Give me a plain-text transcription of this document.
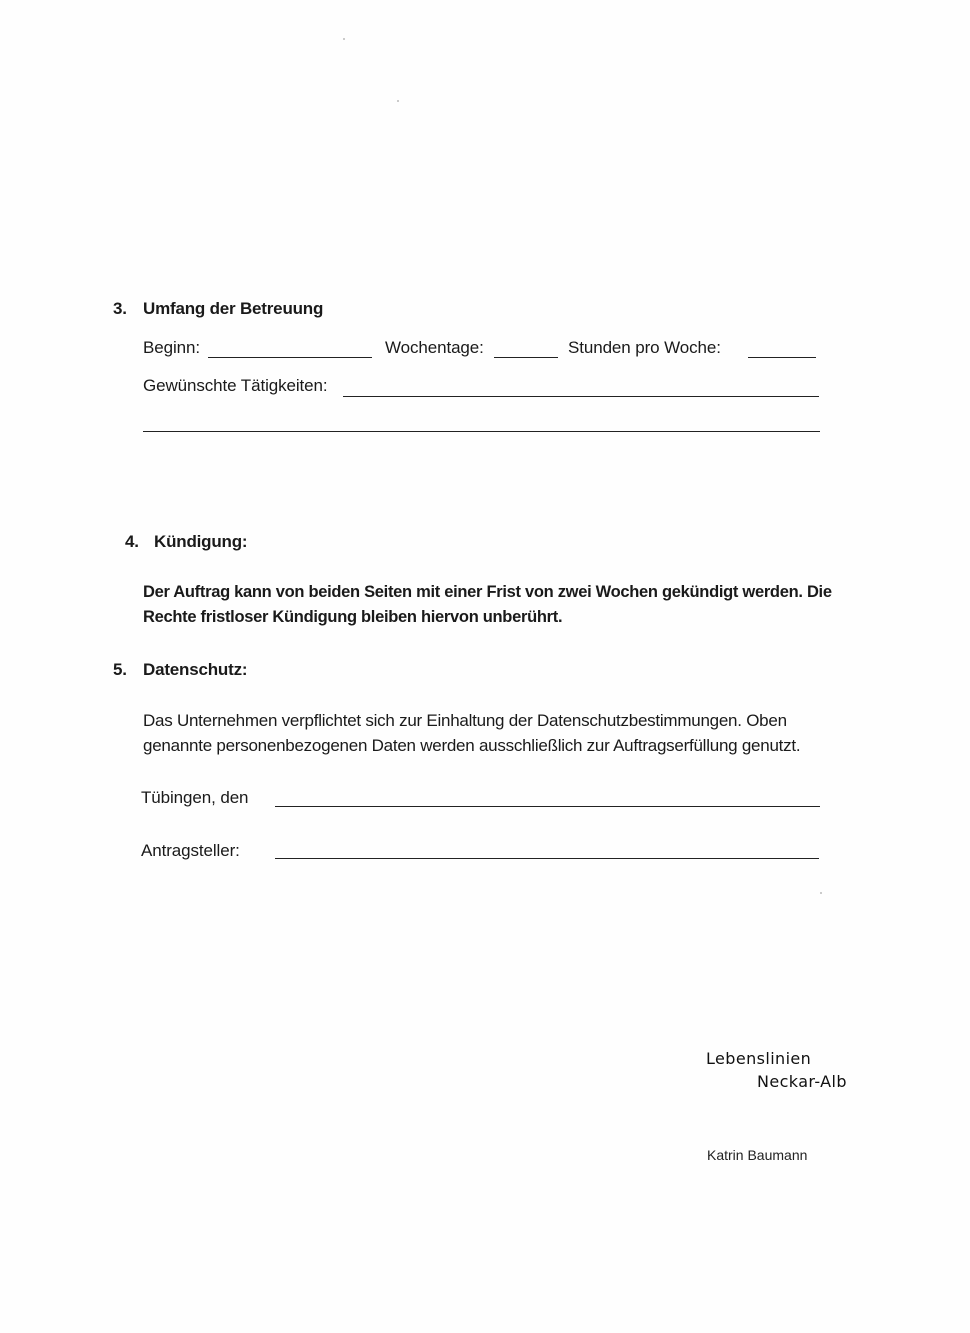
3. Umfang der Betreuung
Beginn:	Wochentage:	Stunden pro Woche:
Gewünschte Tätigkeiten:
4. Kündigung:
Der Auftrag kann von beiden Seiten mit einer Frist von zwei Wochen gekündigt werden. Die
Rechte fristloser Kündigung bleiben hiervon unberührt.
5. Datenschutz:
Das Unternehmen verpflichtet sich zur Einhaltung der Datenschutzbestimmungen. Oben
genannte personenbezogenen Daten werden ausschließlich zur Auftragserfüllung genutzt.
Tübingen, den
Antragsteller:
Lebenslinien
Neckar-Alb
Katrin Baumann
